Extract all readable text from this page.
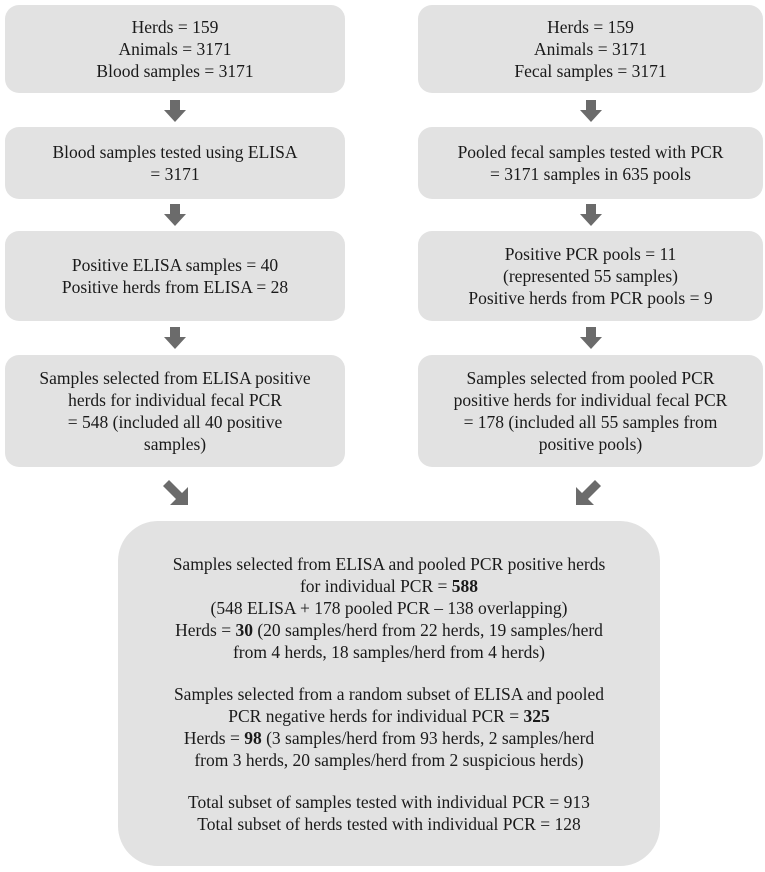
Herds = 159
Animals = 3171
Blood samples = 3171
Blood samples tested using ELISA
= 3171
Positive ELISA samples = 40
Positive herds from ELISA = 28
Samples selected from ELISA positive
herds for individual fecal PCR
= 548 (included all 40 positive
samples)
Herds = 159
Animals = 3171
Fecal samples = 3171
Pooled fecal samples tested with PCR
= 3171 samples in 635 pools
Positive PCR pools = 11
(represented 55 samples)
Positive herds from PCR pools = 9
Samples selected from pooled PCR
positive herds for individual fecal PCR
= 178 (included all 55 samples from
positive pools)
Samples selected from ELISA and pooled PCR positive herds
for individual PCR = 588
(548 ELISA + 178 pooled PCR – 138 overlapping)
Herds = 30 (20 samples/herd from 22 herds, 19 samples/herd
from 4 herds, 18 samples/herd from 4 herds)
Samples selected from a random subset of ELISA and pooled
PCR negative herds for individual PCR = 325
Herds = 98 (3 samples/herd from 93 herds, 2 samples/herd
from 3 herds, 20 samples/herd from 2 suspicious herds)
Total subset of samples tested with individual PCR = 913
Total subset of herds tested with individual PCR = 128
